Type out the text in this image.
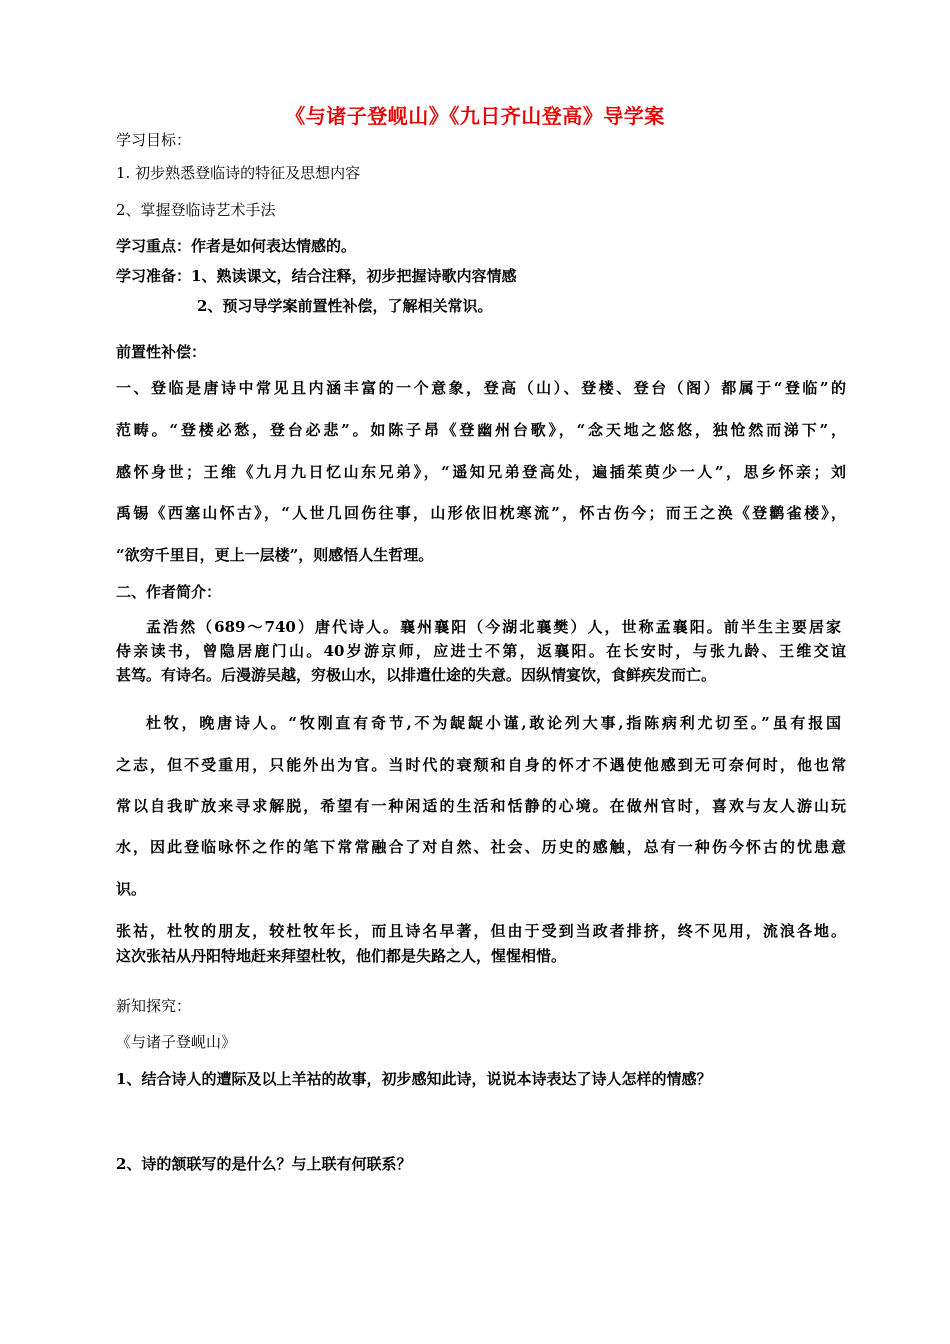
《与诸子登岘山》《九日齐山登高》导学案
学习目标：
1. 初步熟悉登临诗的特征及思想内容
2、掌握登临诗艺术手法
学习重点：作者是如何表达情感的。
学习准备：1、熟读课文，结合注释，初步把握诗歌内容情感
2、预习导学案前置性补偿，了解相关常识。
前置性补偿：
一、登临是唐诗中常见且内涵丰富的一个意象，登高（山）、登楼、登台（阁）都属于“登临”的
范畴。“登楼必愁，登台必悲”。如陈子昂《登幽州台歌》，“念天地之悠悠，独怆然而涕下”，
感怀身世；王维《九月九日忆山东兄弟》，“遥知兄弟登高处，遍插茱萸少一人”，思乡怀亲；刘
禹锡《西塞山怀古》，“人世几回伤往事，山形依旧枕寒流”，怀古伤今；而王之涣《登鹳雀楼》，
“欲穷千里目，更上一层楼”，则感悟人生哲理。
二、作者简介：
孟浩然（689～740）唐代诗人。襄州襄阳（今湖北襄樊）人，世称孟襄阳。前半生主要居家
侍亲读书，曾隐居鹿门山。40岁游京师，应进士不第，返襄阳。在长安时，与张九龄、王维交谊
甚笃。有诗名。后漫游吴越，穷极山水，以排遣仕途的失意。因纵情宴饮，食鲜疾发而亡。
杜牧，晚唐诗人。“牧刚直有奇节,不为龊龊小谨,敢论列大事,指陈病利尤切至。”虽有报国
之志，但不受重用，只能外出为官。当时代的衰颓和自身的怀才不遇使他感到无可奈何时，他也常
常以自我旷放来寻求解脱，希望有一种闲适的生活和恬静的心境。在做州官时，喜欢与友人游山玩
水，因此登临咏怀之作的笔下常常融合了对自然、社会、历史的感触，总有一种伤今怀古的忧患意
识。
张祜，杜牧的朋友，较杜牧年长，而且诗名早著，但由于受到当政者排挤，终不见用，流浪各地。
这次张祜从丹阳特地赶来拜望杜牧，他们都是失路之人，惺惺相惜。
新知探究：
《与诸子登岘山》
1、结合诗人的遭际及以上羊祜的故事，初步感知此诗，说说本诗表达了诗人怎样的情感？
2、诗的颔联写的是什么？与上联有何联系？
